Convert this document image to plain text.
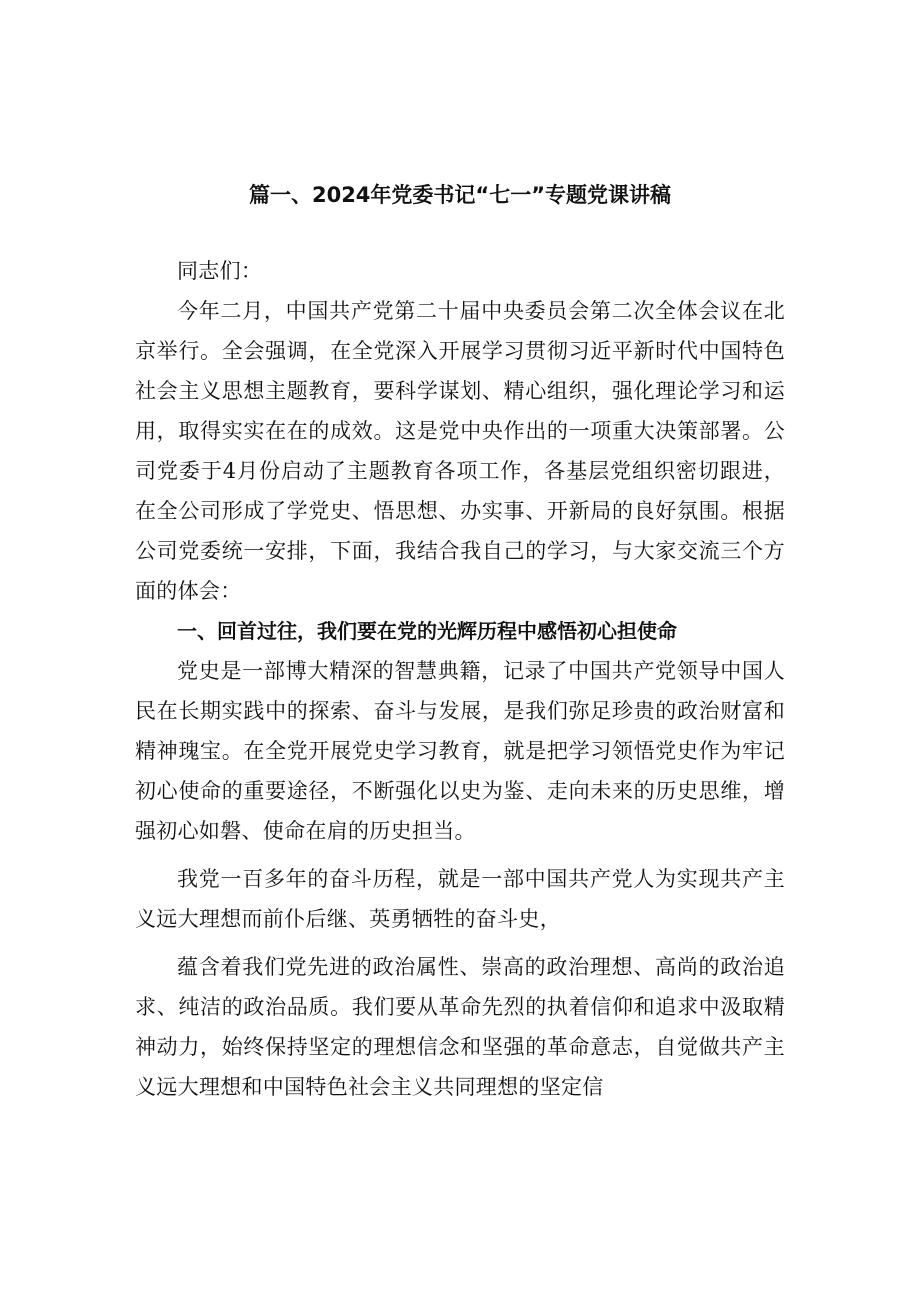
篇一、2024年党委书记“七一”专题党课讲稿

同志们：

今年二月，中国共产党第二十届中央委员会第二次全体会议在北京举行。全会强调，在全党深入开展学习贯彻习近平新时代中国特色社会主义思想主题教育，要科学谋划、精心组织，强化理论学习和运用，取得实实在在的成效。这是党中央作出的一项重大决策部署。公司党委于4月份启动了主题教育各项工作，各基层党组织密切跟进，在全公司形成了学党史、悟思想、办实事、开新局的良好氛围。根据公司党委统一安排，下面，我结合我自己的学习，与大家交流三个方面的体会：

一、回首过往，我们要在党的光辉历程中感悟初心担使命

党史是一部博大精深的智慧典籍，记录了中国共产党领导中国人民在长期实践中的探索、奋斗与发展，是我们弥足珍贵的政治财富和精神瑰宝。在全党开展党史学习教育，就是把学习领悟党史作为牢记初心使命的重要途径，不断强化以史为鉴、走向未来的历史思维，增强初心如磐、使命在肩的历史担当。

我党一百多年的奋斗历程，就是一部中国共产党人为实现共产主义远大理想而前仆后继、英勇牺牲的奋斗史，

蕴含着我们党先进的政治属性、崇高的政治理想、高尚的政治追求、纯洁的政治品质。我们要从革命先烈的执着信仰和追求中汲取精神动力，始终保持坚定的理想信念和坚强的革命意志，自觉做共产主义远大理想和中国特色社会主义共同理想的坚定信
